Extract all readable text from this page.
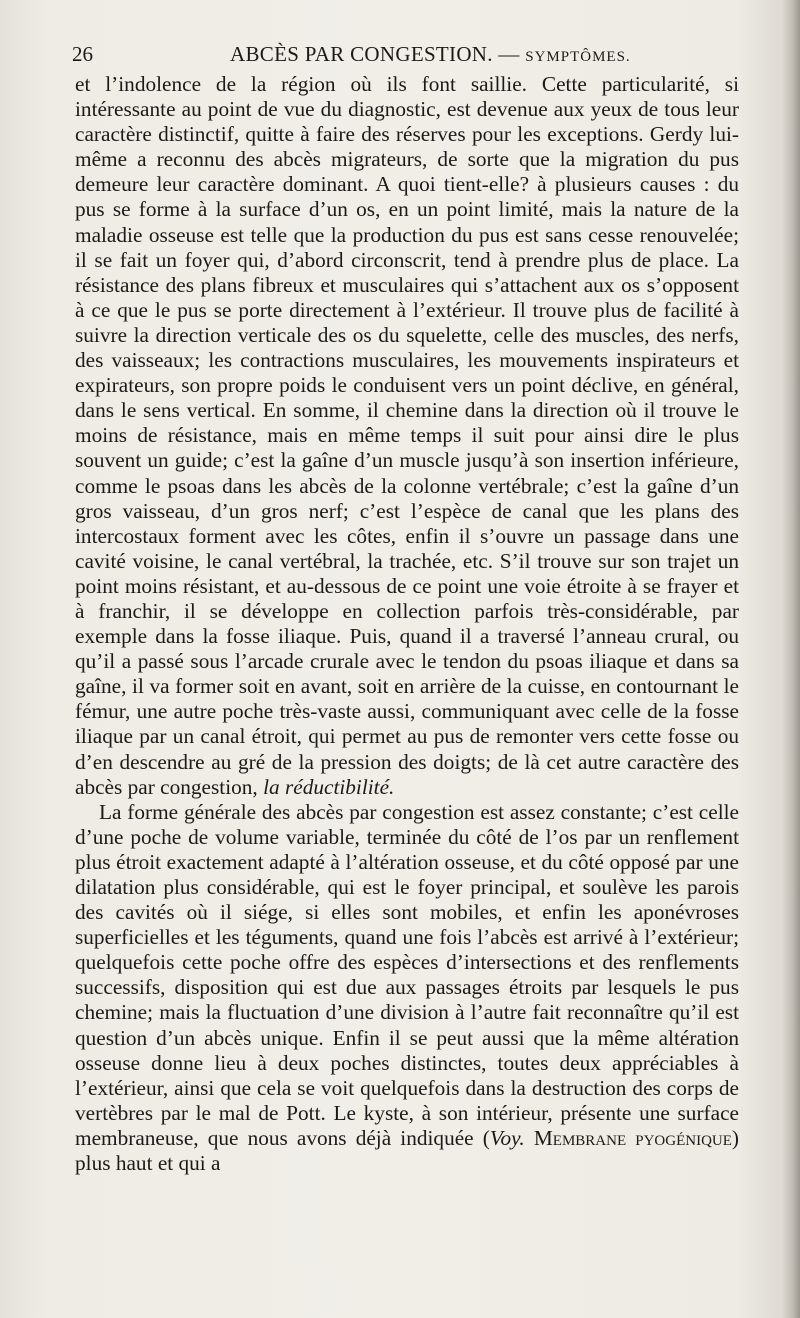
26	ABCÈS PAR CONGESTION. — SYMPTÔMES.

et l’indolence de la région où ils font saillie. Cette particularité, si intéressante au point de vue du diagnostic, est devenue aux yeux de tous leur caractère distinctif, quitte à faire des réserves pour les exceptions. Gerdy lui-même a reconnu des abcès migrateurs, de sorte que la migration du pus demeure leur caractère dominant. A quoi tient-elle? à plusieurs causes : du pus se forme à la surface d’un os, en un point limité, mais la nature de la maladie osseuse est telle que la production du pus est sans cesse renouvelée; il se fait un foyer qui, d’abord circonscrit, tend à prendre plus de place. La résistance des plans fibreux et musculaires qui s’attachent aux os s’opposent à ce que le pus se porte directement à l’extérieur. Il trouve plus de facilité à suivre la direction verticale des os du squelette, celle des muscles, des nerfs, des vaisseaux; les contractions musculaires, les mouvements inspirateurs et expirateurs, son propre poids le conduisent vers un point déclive, en général, dans le sens vertical. En somme, il chemine dans la direction où il trouve le moins de résistance, mais en même temps il suit pour ainsi dire le plus souvent un guide; c’est la gaîne d’un muscle jusqu’à son insertion inférieure, comme le psoas dans les abcès de la colonne vertébrale; c’est la gaîne d’un gros vaisseau, d’un gros nerf; c’est l’espèce de canal que les plans des intercostaux forment avec les côtes, enfin il s’ouvre un passage dans une cavité voisine, le canal vertébral, la trachée, etc. S’il trouve sur son trajet un point moins résistant, et au-dessous de ce point une voie étroite à se frayer et à franchir, il se développe en collection parfois très-considérable, par exemple dans la fosse iliaque. Puis, quand il a traversé l’anneau crural, ou qu’il a passé sous l’arcade crurale avec le tendon du psoas iliaque et dans sa gaîne, il va former soit en avant, soit en arrière de la cuisse, en contournant le fémur, une autre poche très-vaste aussi, communiquant avec celle de la fosse iliaque par un canal étroit, qui permet au pus de remonter vers cette fosse ou d’en descendre au gré de la pression des doigts; de là cet autre caractère des abcès par congestion, la réductibilité.

La forme générale des abcès par congestion est assez constante; c’est celle d’une poche de volume variable, terminée du côté de l’os par un renflement plus étroit exactement adapté à l’altération osseuse, et du côté opposé par une dilatation plus considérable, qui est le foyer principal, et soulève les parois des cavités où il siége, si elles sont mobiles, et enfin les aponévroses superficielles et les téguments, quand une fois l’abcès est arrivé à l’extérieur; quelquefois cette poche offre des espèces d’intersections et des renflements successifs, disposition qui est due aux passages étroits par lesquels le pus chemine; mais la fluctuation d’une division à l’autre fait reconnaître qu’il est question d’un abcès unique. Enfin il se peut aussi que la même altération osseuse donne lieu à deux poches distinctes, toutes deux appréciables à l’extérieur, ainsi que cela se voit quelquefois dans la destruction des corps de vertèbres par le mal de Pott. Le kyste, à son intérieur, présente une surface membraneuse, que nous avons déjà indiquée (Voy. Membrane pyogénique) plus haut et qui a
